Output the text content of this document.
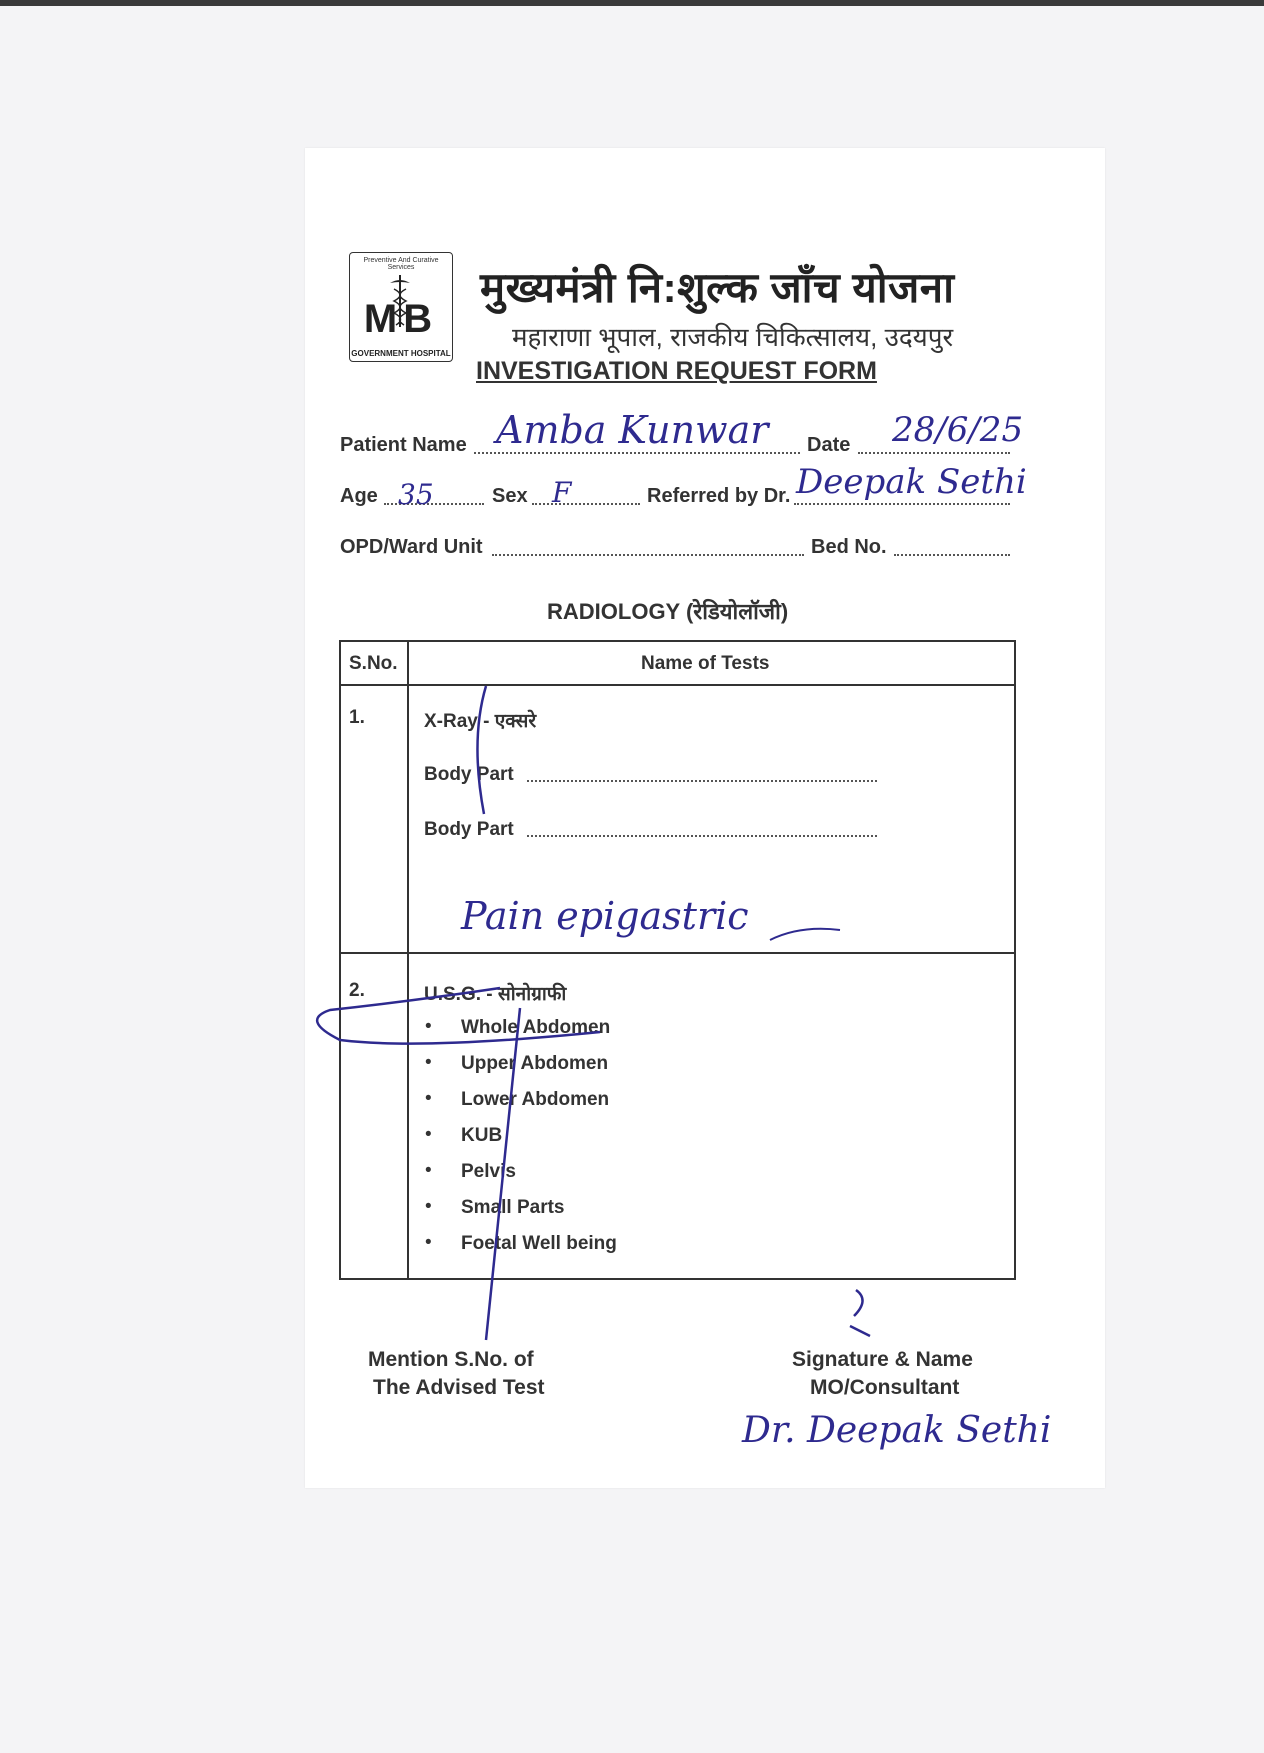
Preventive And Curative Services
MB
GOVERNMENT HOSPITAL
मुख्यमंत्री नि:शुल्क जाँच योजना
महाराणा भूपाल, राजकीय चिकित्सालय, उदयपुर
INVESTIGATION REQUEST FORM
Patient Name Amba Kunwar Date 28/6/25
Age 35	Sex F	Referred by Dr. Deepak Sethi
OPD/Ward Unit	Bed No.
RADIOLOGY (रेडियोलॉजी)
S.No.	Name of Tests
1.	X-Ray - एक्सरे
Body Part
Body Part
Pain epigastric
2.	U.S.G. - सोनोग्राफी
• Whole Abdomen
• Upper Abdomen
• Lower Abdomen
• KUB
• Pelvis
• Small Parts
• Foetal Well being
Mention S.No. of
The Advised Test
Signature & Name
MO/Consultant
Dr. Deepak Sethi
